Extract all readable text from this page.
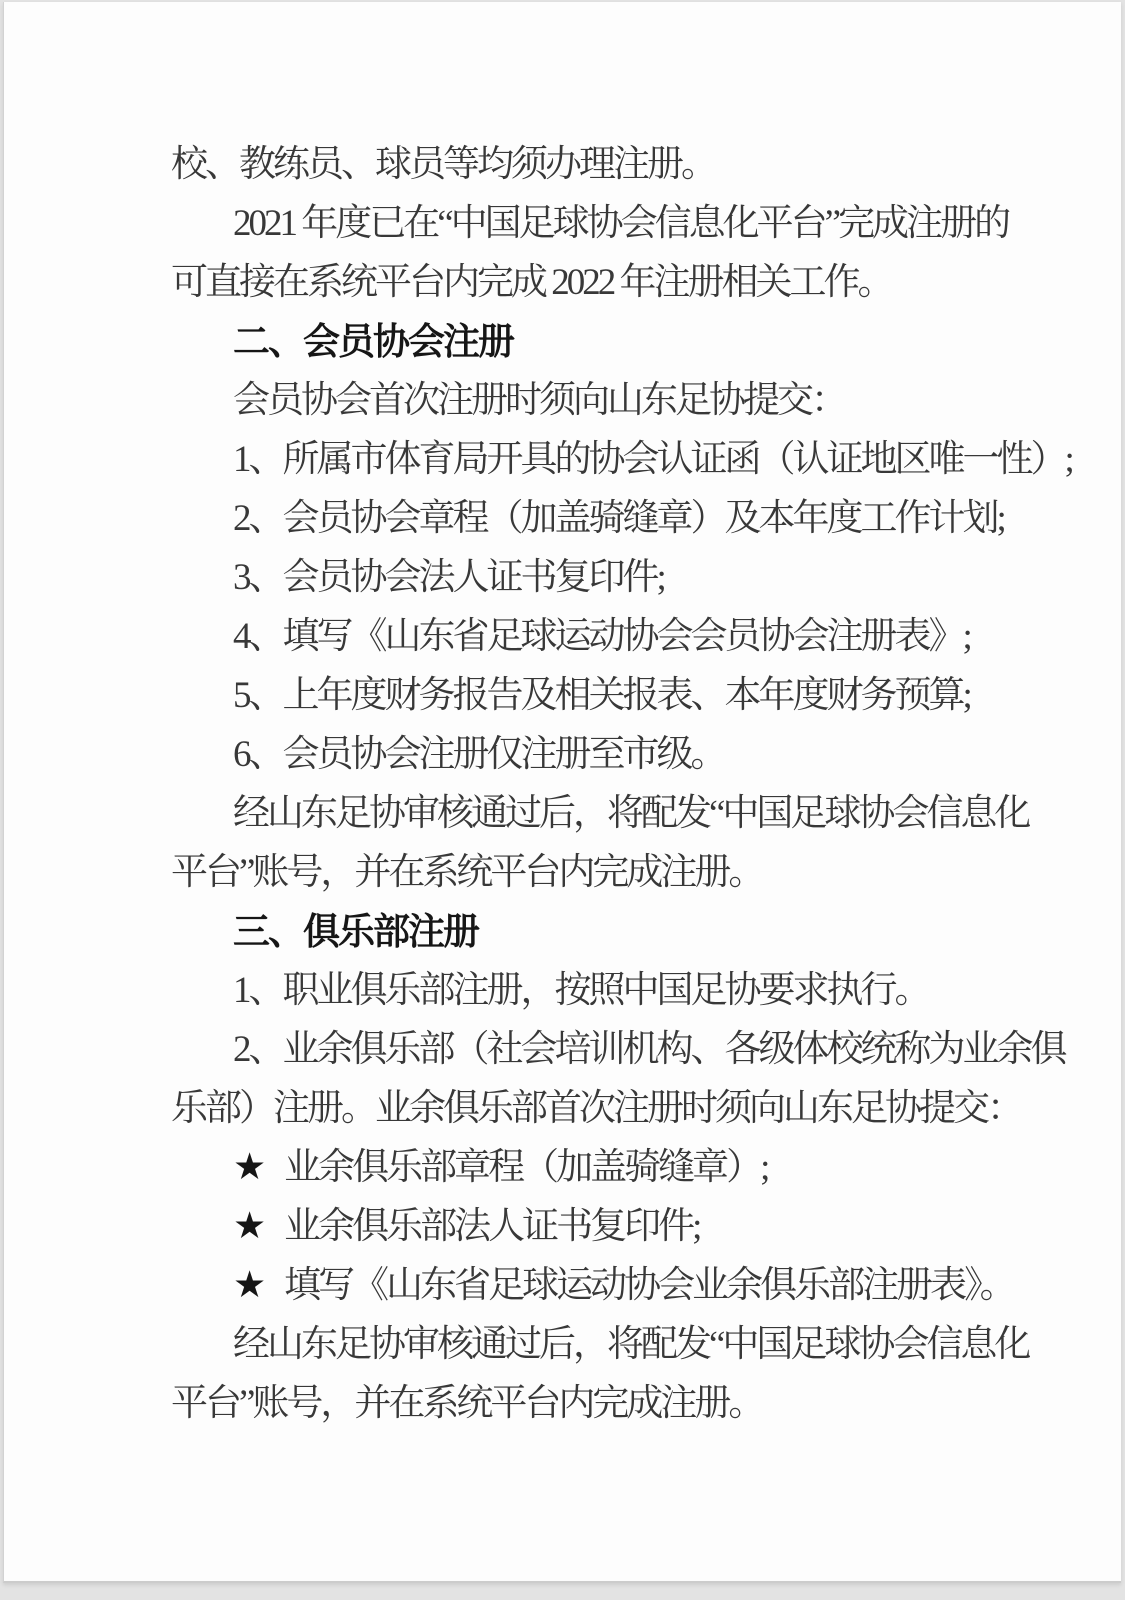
校、教练员、球员等均须办理注册。
2021 年度已在“中国足球协会信息化平台”完成注册的
可直接在系统平台内完成 2022 年注册相关工作。
二、会员协会注册
会员协会首次注册时须向山东足协提交：
1、所属市体育局开具的协会认证函（认证地区唯一性）;
2、会员协会章程（加盖骑缝章）及本年度工作计划;
3、会员协会法人证书复印件;
4、填写《山东省足球运动协会会员协会注册表》;
5、上年度财务报告及相关报表、本年度财务预算;
6、会员协会注册仅注册至市级。
经山东足协审核通过后，将配发“中国足球协会信息化
平台”账号，并在系统平台内完成注册。
三、俱乐部注册
1、职业俱乐部注册，按照中国足协要求执行。
2、业余俱乐部（社会培训机构、各级体校统称为业余俱
乐部）注册。业余俱乐部首次注册时须向山东足协提交：
★ 业余俱乐部章程（加盖骑缝章）;
★ 业余俱乐部法人证书复印件;
★ 填写《山东省足球运动协会业余俱乐部注册表》。
经山东足协审核通过后，将配发“中国足球协会信息化
平台”账号，并在系统平台内完成注册。
